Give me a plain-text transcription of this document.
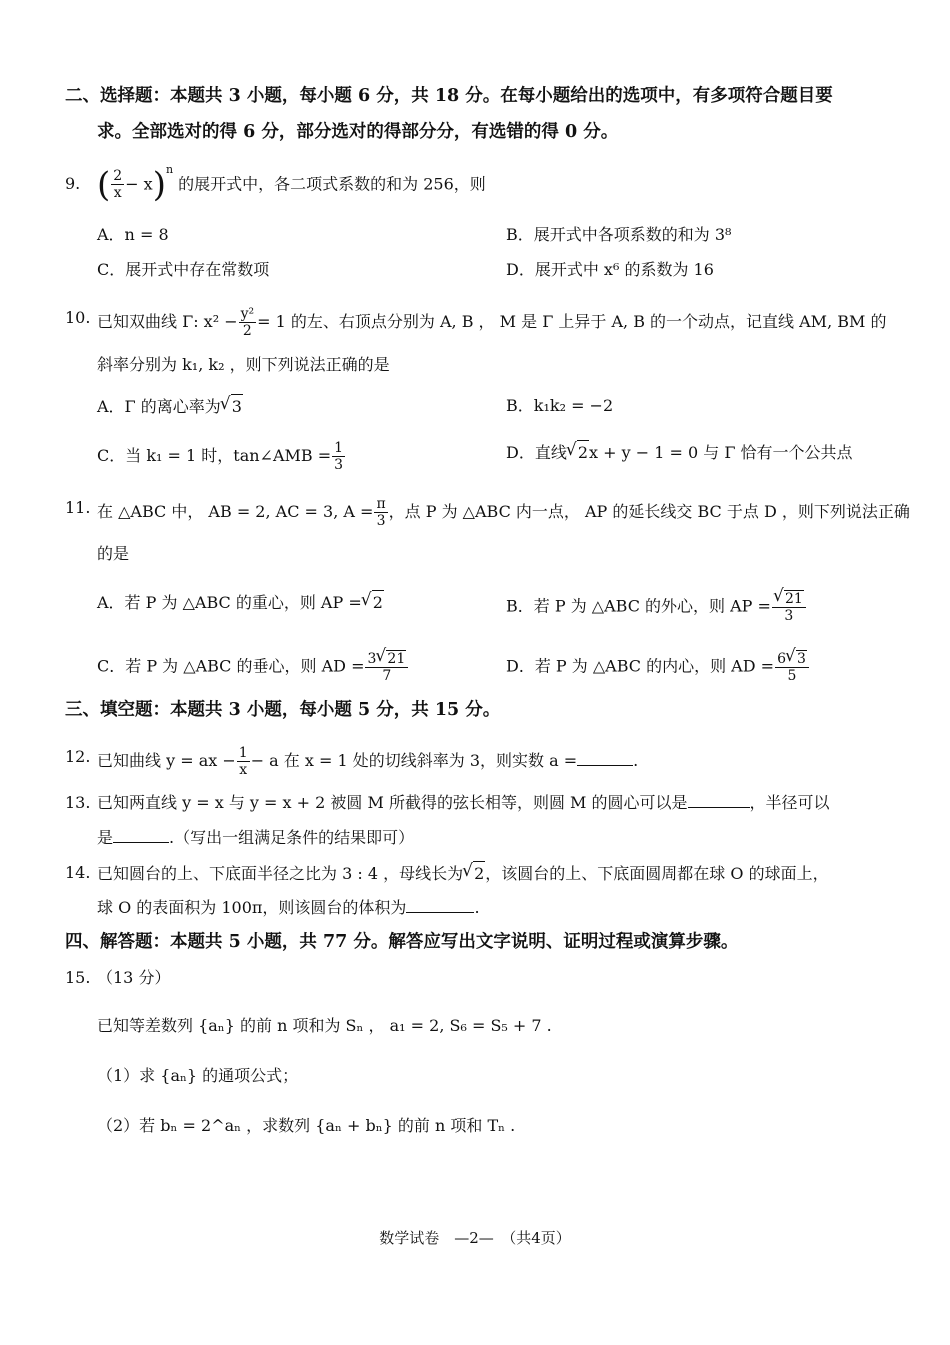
二、选择题：本题共 3 小题，每小题 6 分，共 18 分。在每小题给出的选项中，有多项符合题目要
求。全部选对的得 6 分，部分选对的得部分分，有选错的得 0 分。
9. ( $\frac{2}{x} - x)^n$ 的展开式中，各二项式系数的和为 256，则
A．n = 8	B．展开式中各项系数的和为 3⁸
C．展开式中存在常数项	D．展开式中 x⁶ 的系数为 16
10. 已知双曲线 Γ: $x^2 - \frac{\text{y²}}{2} = 1$ 的左、右顶点分别为 A, B ， M 是 Γ 上异于 A, B 的一个动点，记直线 AM, BM 的
斜率分别为 k₁, k₂ ，则下列说法正确的是
A．Γ 的离心率为 √ 3	B．k₁k₂ = −2
C．当 k₁ = 1 时，tan∠AMB = $\frac{1}{3}$	D．直线 √ 2x + y − 1 = 0 与 Γ 恰有一个公共点
11. 在 △ABC 中， AB = 2, AC = 3, $A = \frac{\pi}{3}$ ，点 P 为 △ABC 内一点， AP 的延长线交 BC 于点 D ，则下列说法正确
的是
A．若 P 为 △ABC 的重心，则 AP = √ 2	B．若 P 为 △ABC 的外心，则 AP = √ $\frac{21}{3}$
C．若 P 为 △ABC 的垂心，则 AD = $\frac{3 √ 21}{7}$	D．若 P 为 △ABC 的内心，则 AD = $\frac{6 √ 3}{5}$
三、填空题：本题共 3 小题，每小题 5 分，共 15 分。
12. 已知曲线 y = ax − $\frac{1}{x} - a$ 在 x = 1 处的切线斜率为 3，则实数 a =	.
13. 已知两直线 y = x 与 y = x + 2 被圆 M 所截得的弦长相等，则圆 M 的圆心可以是	，半径可以
是	.（写出一组满足条件的结果即可）
14. 已知圆台的上、下底面半径之比为 3 : 4 ，母线长为 √ 2，该圆台的上、下底面圆周都在球 O 的球面上，
球 O 的表面积为 100π，则该圆台的体积为	.
四、解答题：本题共 5 小题，共 77 分。解答应写出文字说明、证明过程或演算步骤。
15. （13 分）
已知等差数列 {aₙ} 的前 n 项和为 Sₙ ， a₁ = 2, S₆ = S₅ + 7 .
（1）求 {aₙ} 的通项公式；
（2）若 bₙ = 2^aₙ ，求数列 {aₙ + bₙ} 的前 n 项和 Tₙ .
数学试卷　—2—　（共4页）
